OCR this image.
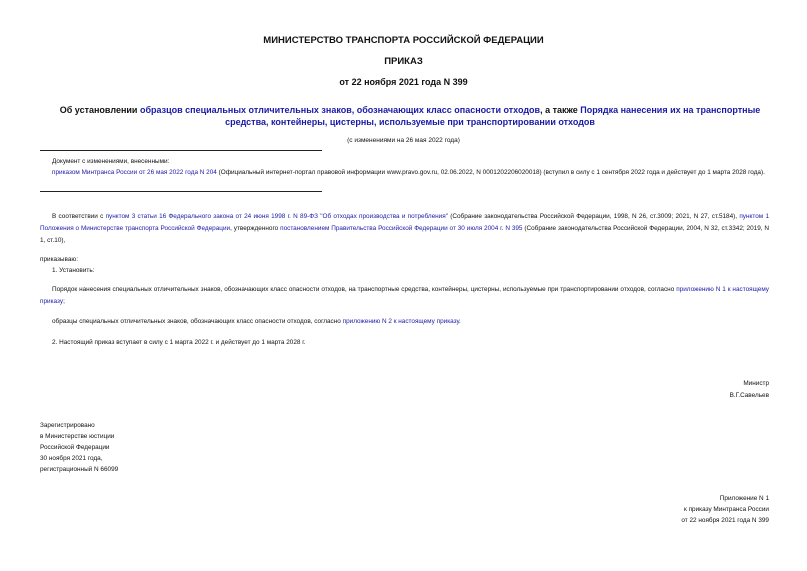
МИНИСТЕРСТВО ТРАНСПОРТА РОССИЙСКОЙ ФЕДЕРАЦИИ
ПРИКАЗ
от 22 ноября 2021 года N 399
Об установлении образцов специальных отличительных знаков, обозначающих класс опасности отходов, а также Порядка нанесения их на транспортные средства, контейнеры, цистерны, используемые при транспортировании отходов
(с изменениями на 26 мая 2022 года)
Документ с изменениями, внесенными:
приказом Минтранса России от 26 мая 2022 года N 204 (Официальный интернет-портал правовой информации www.pravo.gov.ru, 02.06.2022, N 0001202206020018) (вступил в силу с 1 сентября 2022 года и действует до 1 марта 2028 года).
В соответствии с пунктом 3 статьи 16 Федерального закона от 24 июня 1998 г. N 89-ФЗ "Об отходах производства и потребления" (Собрание законодательства Российской Федерации, 1998, N 26, ст.3009; 2021, N 27, ст.5184), пунктом 1 Положения о Министерстве транспорта Российской Федерации, утвержденного постановлением Правительства Российской Федерации от 30 июля 2004 г. N 395 (Собрание законодательства Российской Федерации, 2004, N 32, ст.3342; 2019, N 1, ст.10),
приказываю:
1. Установить:
Порядок нанесения специальных отличительных знаков, обозначающих класс опасности отходов, на транспортные средства, контейнеры, цистерны, используемые при транспортировании отходов, согласно приложению N 1 к настоящему приказу;
образцы специальных отличительных знаков, обозначающих класс опасности отходов, согласно приложению N 2 к настоящему приказу.
2. Настоящий приказ вступает в силу с 1 марта 2022 г. и действует до 1 марта 2028 г.
Министр
В.Г.Савельев
Зарегистрировано
в Министерстве юстиции
Российской Федерации
30 ноября 2021 года,
регистрационный N 66099
Приложение N 1
к приказу Минтранса России
от 22 ноября 2021 года N 399
